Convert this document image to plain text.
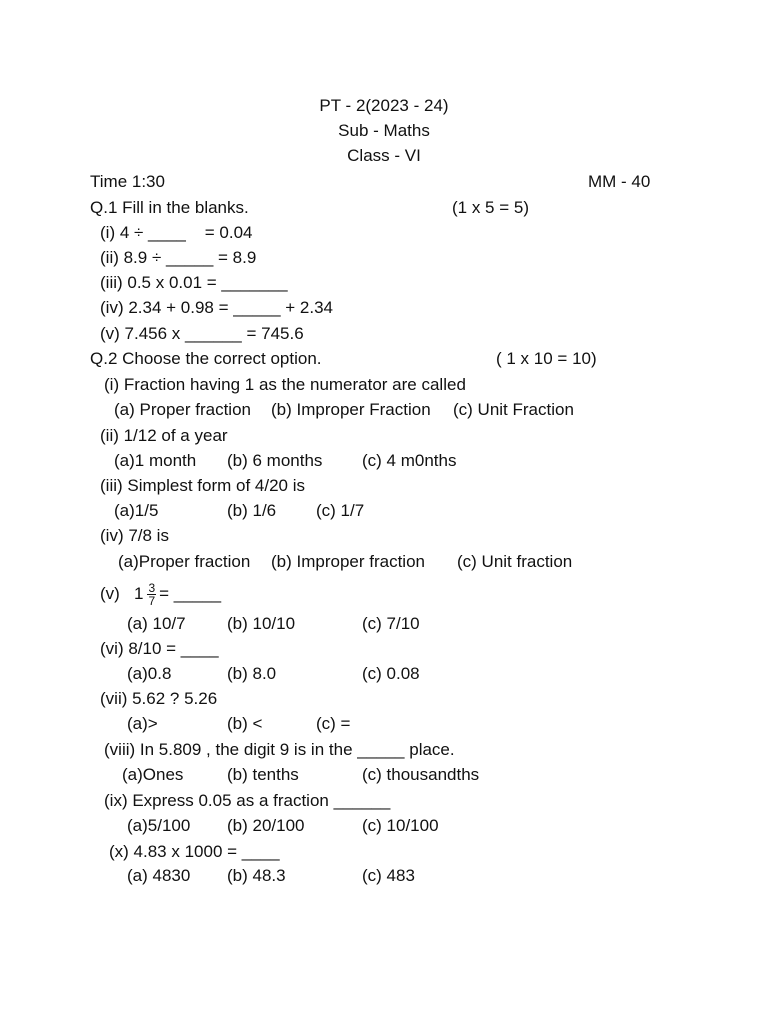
PT - 2(2023 - 24)
Sub - Maths
Class - VI
Time 1:30	MM - 40
Q.1 Fill in the blanks.	(1 x 5 = 5)
(i) 4 ÷ ____    = 0.04
(ii) 8.9 ÷ _____ = 8.9
(iii) 0.5 x 0.01 = _______
(iv) 2.34 + 0.98 = _____ + 2.34
(v) 7.456 x ______ = 745.6
Q.2 Choose the correct option.	( 1 x 10 = 10)
(i) Fraction having 1 as the numerator are called
(a) Proper fraction (b) Improper Fraction (c) Unit Fraction
(ii) 1/12 of a year
(a)1 month (b) 6 months (c) 4 m0nths
(iii) Simplest form of 4/20 is
(a)1/5	(b) 1/6 (c) 1/7
(iv) 7/8 is
(a)Proper fraction (b) Improper fraction (c) Unit fraction
(v) $1 \frac{3}{7}$ = _____
(a) 10/7 (b) 10/10	(c) 7/10
(vi) 8/10 = ____
(a)0.8	(b) 8.0	(c) 0.08
(vii) 5.62 ? 5.26
(a)>	(b) <	(c) =
(viii) In 5.809 , the digit 9 is in the _____ place.
(a)Ones	(b) tenths	(c) thousandths
(ix) Express 0.05 as a fraction ______
(a)5/100 (b) 20/100	(c) 10/100
(x) 4.83 x 1000 = ____
(a) 4830 (b) 48.3	(c) 483
